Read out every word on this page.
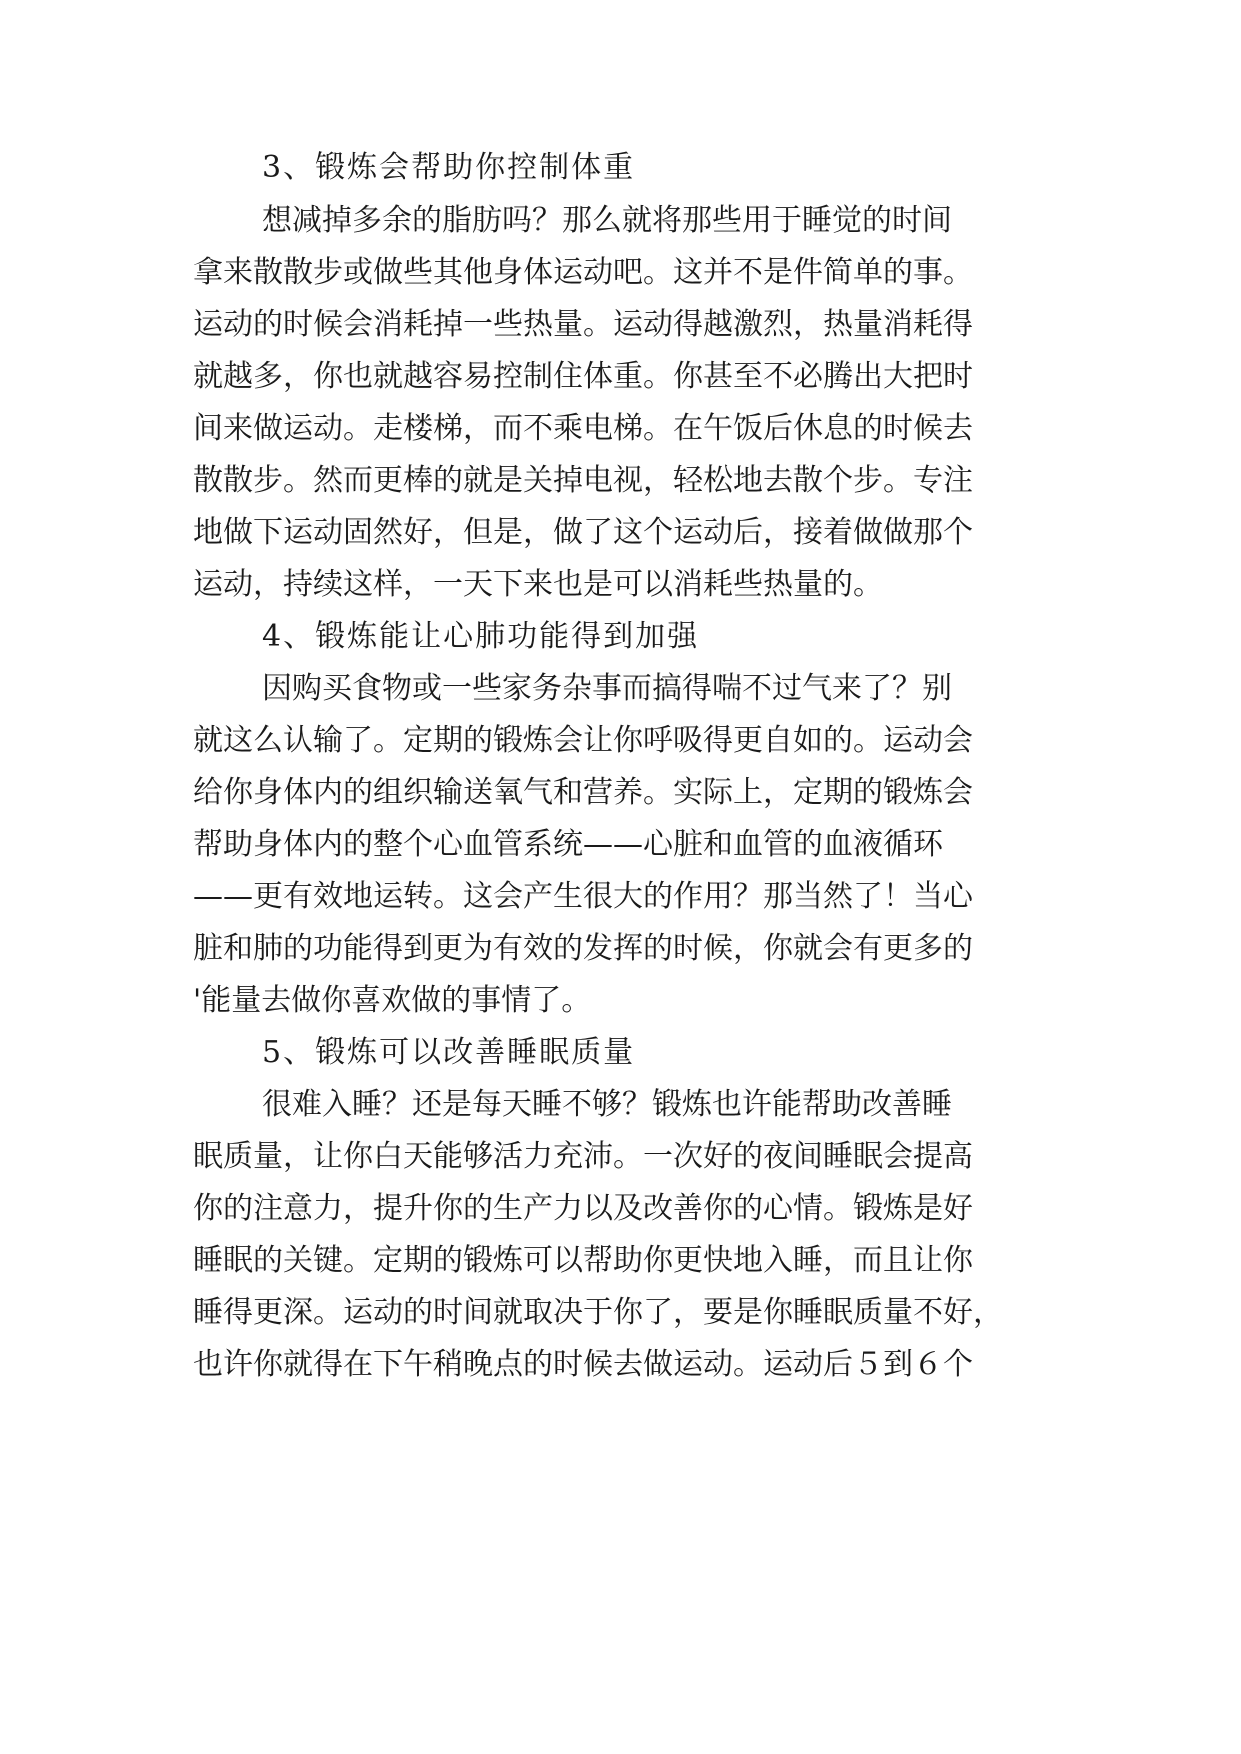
3、锻炼会帮助你控制体重
想减掉多余的脂肪吗？那么就将那些用于睡觉的时间
拿来散散步或做些其他身体运动吧。这并不是件简单的事。
运动的时候会消耗掉一些热量。运动得越激烈，热量消耗得
就越多，你也就越容易控制住体重。你甚至不必腾出大把时
间来做运动。走楼梯，而不乘电梯。在午饭后休息的时候去
散散步。然而更棒的就是关掉电视，轻松地去散个步。专注
地做下运动固然好，但是，做了这个运动后，接着做做那个
运动，持续这样，一天下来也是可以消耗些热量的。
4、锻炼能让心肺功能得到加强
因购买食物或一些家务杂事而搞得喘不过气来了？别
就这么认输了。定期的锻炼会让你呼吸得更自如的。运动会
给你身体内的组织输送氧气和营养。实际上，定期的锻炼会
帮助身体内的整个心血管系统——心脏和血管的血液循环
——更有效地运转。这会产生很大的作用？那当然了！当心
脏和肺的功能得到更为有效的发挥的时候，你就会有更多的
'能量去做你喜欢做的事情了。
5、锻炼可以改善睡眠质量
很难入睡？还是每天睡不够？锻炼也许能帮助改善睡
眠质量，让你白天能够活力充沛。一次好的夜间睡眠会提高
你的注意力，提升你的生产力以及改善你的心情。锻炼是好
睡眠的关键。定期的锻炼可以帮助你更快地入睡，而且让你
睡得更深。运动的时间就取决于你了，要是你睡眠质量不好，
也许你就得在下午稍晚点的时候去做运动。运动后５到６个
